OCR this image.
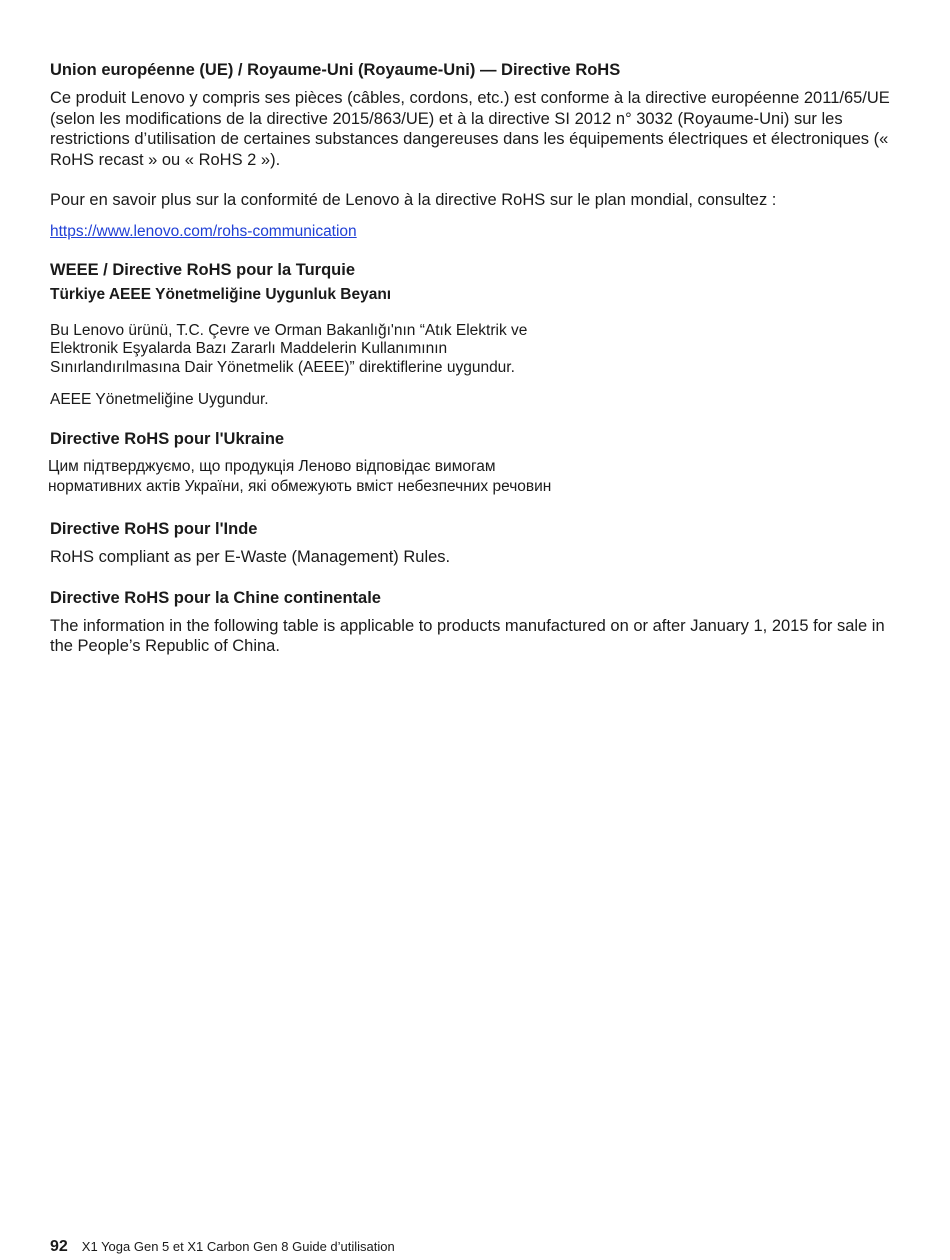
Union européenne (UE) / Royaume-Uni (Royaume-Uni) — Directive RoHS

Ce produit Lenovo y compris ses pièces (câbles, cordons, etc.) est conforme à la directive européenne 2011/65/UE (selon les modifications de la directive 2015/863/UE) et à la directive SI 2012 n° 3032 (Royaume-Uni) sur les restrictions d’utilisation de certaines substances dangereuses dans les équipements électriques et électroniques (« RoHS recast » ou « RoHS 2 »).

Pour en savoir plus sur la conformité de Lenovo à la directive RoHS sur le plan mondial, consultez :

https://www.lenovo.com/rohs-communication
WEEE / Directive RoHS pour la Turquie
Türkiye AEEE Yönetmeliğine Uygunluk Beyanı
Bu Lenovo ürünü, T.C. Çevre ve Orman Bakanlığı'nın “Atık Elektrik ve Elektronik Eşyalarda Bazı Zararlı Maddelerin Kullanımının Sınırlandırılmasına Dair Yönetmelik (AEEE)” direktiflerine uygundur.
AEEE Yönetmeliğine Uygundur.
Directive RoHS pour l'Ukraine
Цим підтверджуємо, що продукція Леново відповідає вимогам нормативних актів України, які обмежують вміст небезпечних речовин
Directive RoHS pour l'Inde

RoHS compliant as per E-Waste (Management) Rules.

Directive RoHS pour la Chine continentale

The information in the following table is applicable to products manufactured on or after January 1, 2015 for sale in the People’s Republic of China.

92 X1 Yoga Gen 5 et X1 Carbon Gen 8 Guide d’utilisation
